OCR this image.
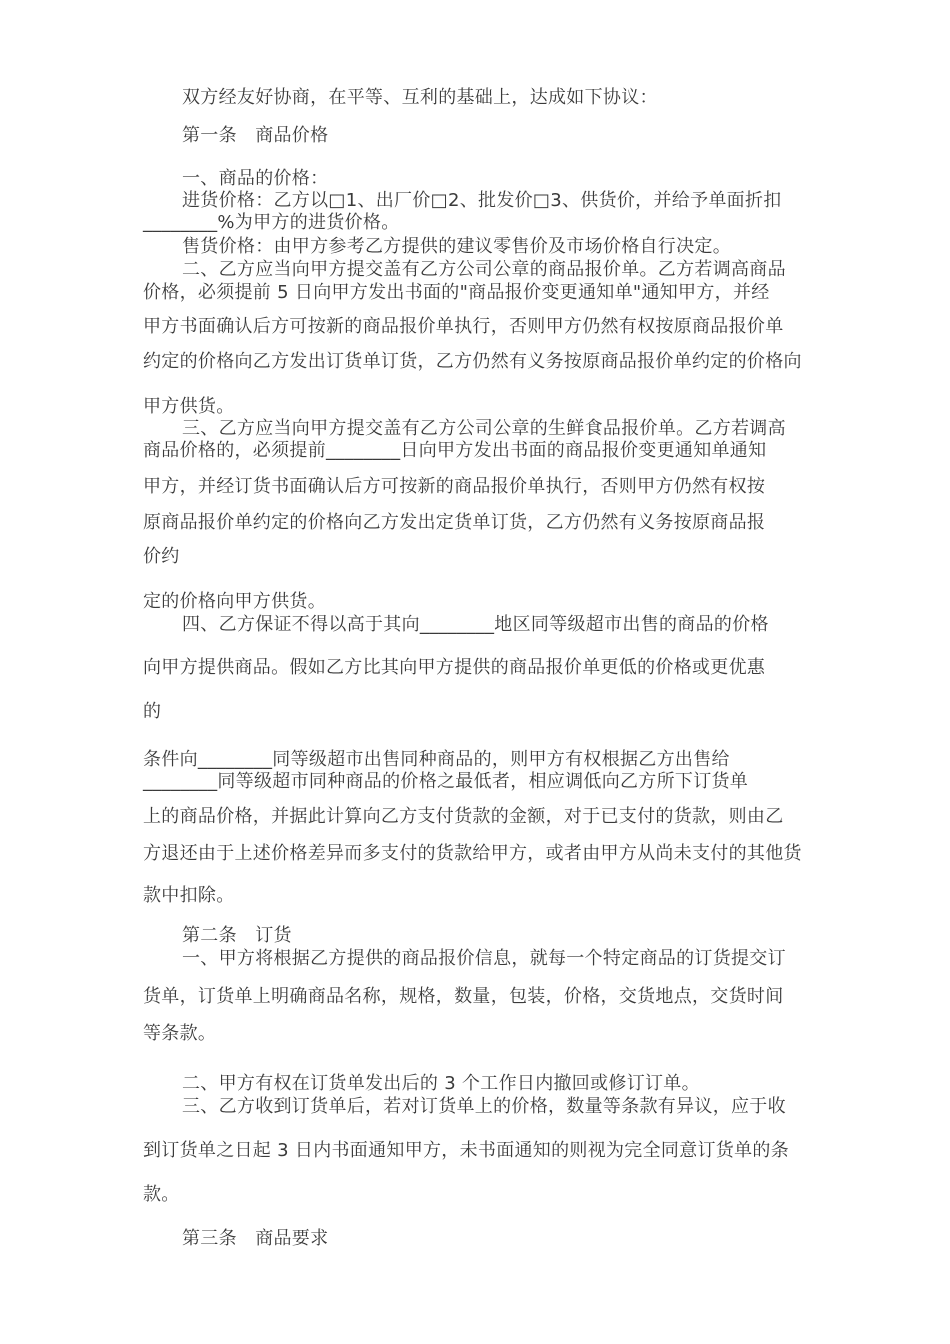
双方经友好协商，在平等、互利的基础上，达成如下协议：

第一条　商品价格

一、商品的价格：

进货价格：乙方以□1、出厂价□2、批发价□3、供货价，并给予单面折扣

________%为甲方的进货价格。

售货价格：由甲方参考乙方提供的建议零售价及市场价格自行决定。

二、乙方应当向甲方提交盖有乙方公司公章的商品报价单。乙方若调高商品

价格，必须提前 5 日向甲方发出书面的"商品报价变更通知单"通知甲方，并经

甲方书面确认后方可按新的商品报价单执行，否则甲方仍然有权按原商品报价单

约定的价格向乙方发出订货单订货，乙方仍然有义务按原商品报价单约定的价格向

甲方供货。

三、乙方应当向甲方提交盖有乙方公司公章的生鲜食品报价单。乙方若调高

商品价格的，必须提前________日向甲方发出书面的商品报价变更通知单通知

甲方，并经订货书面确认后方可按新的商品报价单执行，否则甲方仍然有权按

原商品报价单约定的价格向乙方发出定货单订货，乙方仍然有义务按原商品报

价约

定的价格向甲方供货。

四、乙方保证不得以高于其向________地区同等级超市出售的商品的价格

向甲方提供商品。假如乙方比其向甲方提供的商品报价单更低的价格或更优惠

的

条件向________同等级超市出售同种商品的，则甲方有权根据乙方出售给

________同等级超市同种商品的价格之最低者，相应调低向乙方所下订货单

上的商品价格，并据此计算向乙方支付货款的金额，对于已支付的货款，则由乙

方退还由于上述价格差异而多支付的货款给甲方，或者由甲方从尚未支付的其他货

款中扣除。

第二条　订货

一、甲方将根据乙方提供的商品报价信息，就每一个特定商品的订货提交订

货单，订货单上明确商品名称，规格，数量，包装，价格，交货地点，交货时间

等条款。

二、甲方有权在订货单发出后的 3 个工作日内撤回或修订订单。

三、乙方收到订货单后，若对订货单上的价格，数量等条款有异议，应于收

到订货单之日起 3 日内书面通知甲方，未书面通知的则视为完全同意订货单的条

款。

第三条　商品要求
